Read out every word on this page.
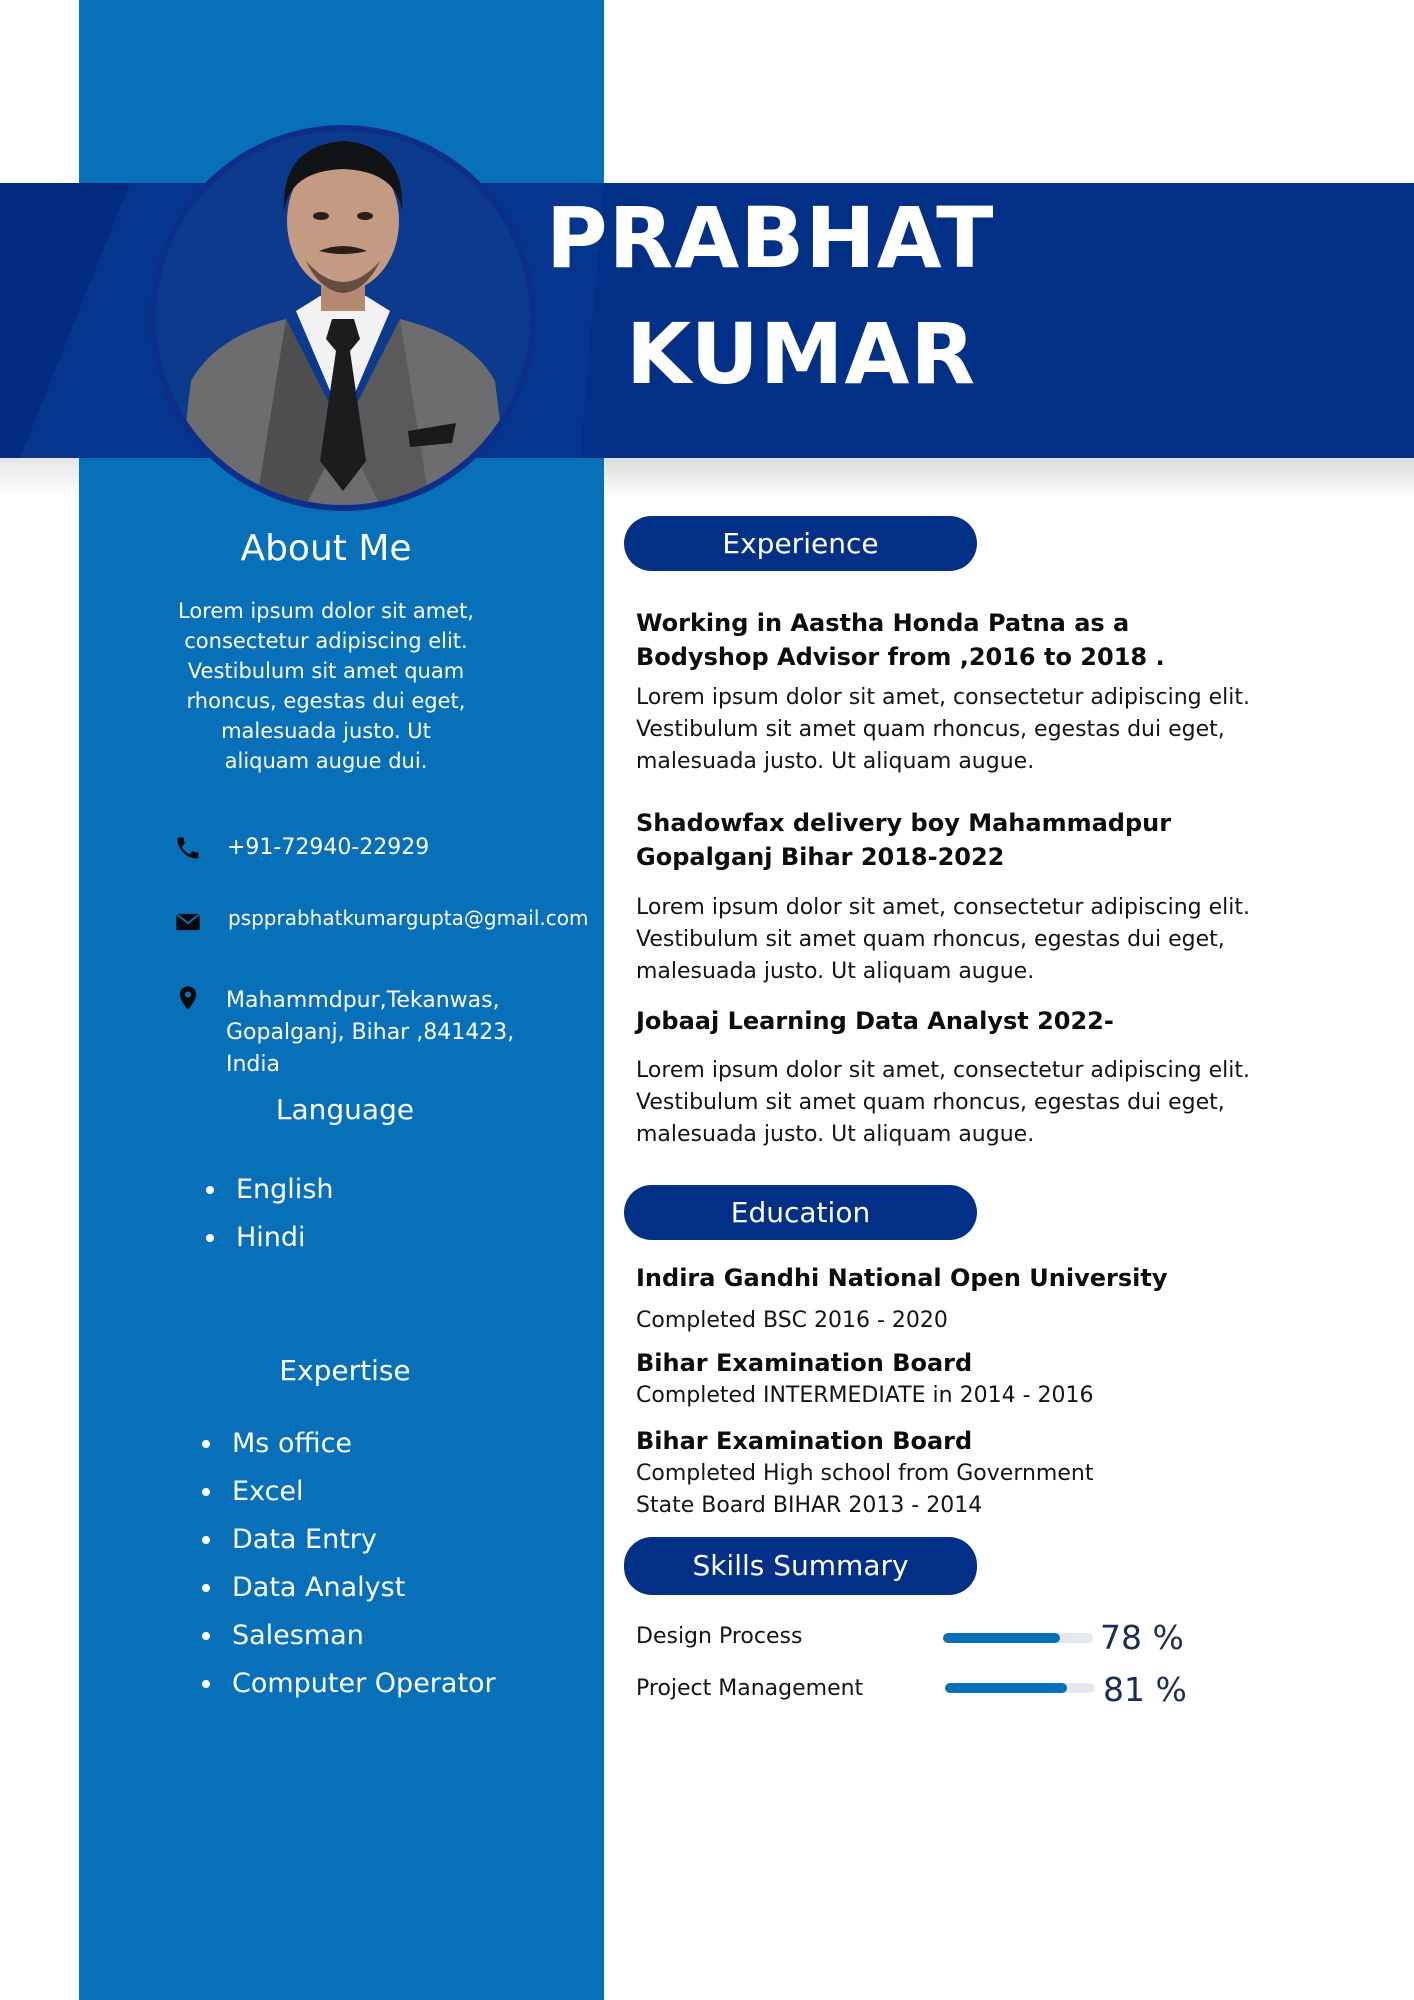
PRABHAT
KUMAR
About Me
Lorem ipsum dolor sit amet,
consectetur adipiscing elit.
Vestibulum sit amet quam
rhoncus, egestas dui eget,
malesuada justo. Ut
aliquam augue dui.
+91-72940-22929
pspprabhatkumargupta@gmail.com
Mahammdpur,Tekanwas,
Gopalganj, Bihar ,841423,
India
Language
English
Hindi
Expertise
Ms office
Excel
Data Entry
Data Analyst
Salesman
Computer Operator
Experience
Working in Aastha Honda Patna as a
Bodyshop Advisor from ,2016 to 2018 .
Lorem ipsum dolor sit amet, consectetur adipiscing elit.
Vestibulum sit amet quam rhoncus, egestas dui eget,
malesuada justo. Ut aliquam augue.
Shadowfax delivery boy Mahammadpur
Gopalganj Bihar 2018-2022
Lorem ipsum dolor sit amet, consectetur adipiscing elit.
Vestibulum sit amet quam rhoncus, egestas dui eget,
malesuada justo. Ut aliquam augue.
Jobaaj Learning Data Analyst 2022-
Lorem ipsum dolor sit amet, consectetur adipiscing elit.
Vestibulum sit amet quam rhoncus, egestas dui eget,
malesuada justo. Ut aliquam augue.
Education
Indira Gandhi National Open University
Completed BSC 2016 - 2020
Bihar Examination Board
Completed INTERMEDIATE in 2014 - 2016
Bihar Examination Board
Completed High school from Government
State Board BIHAR 2013 - 2014
Skills Summary
Design Process	78 %
Project Management	81 %
